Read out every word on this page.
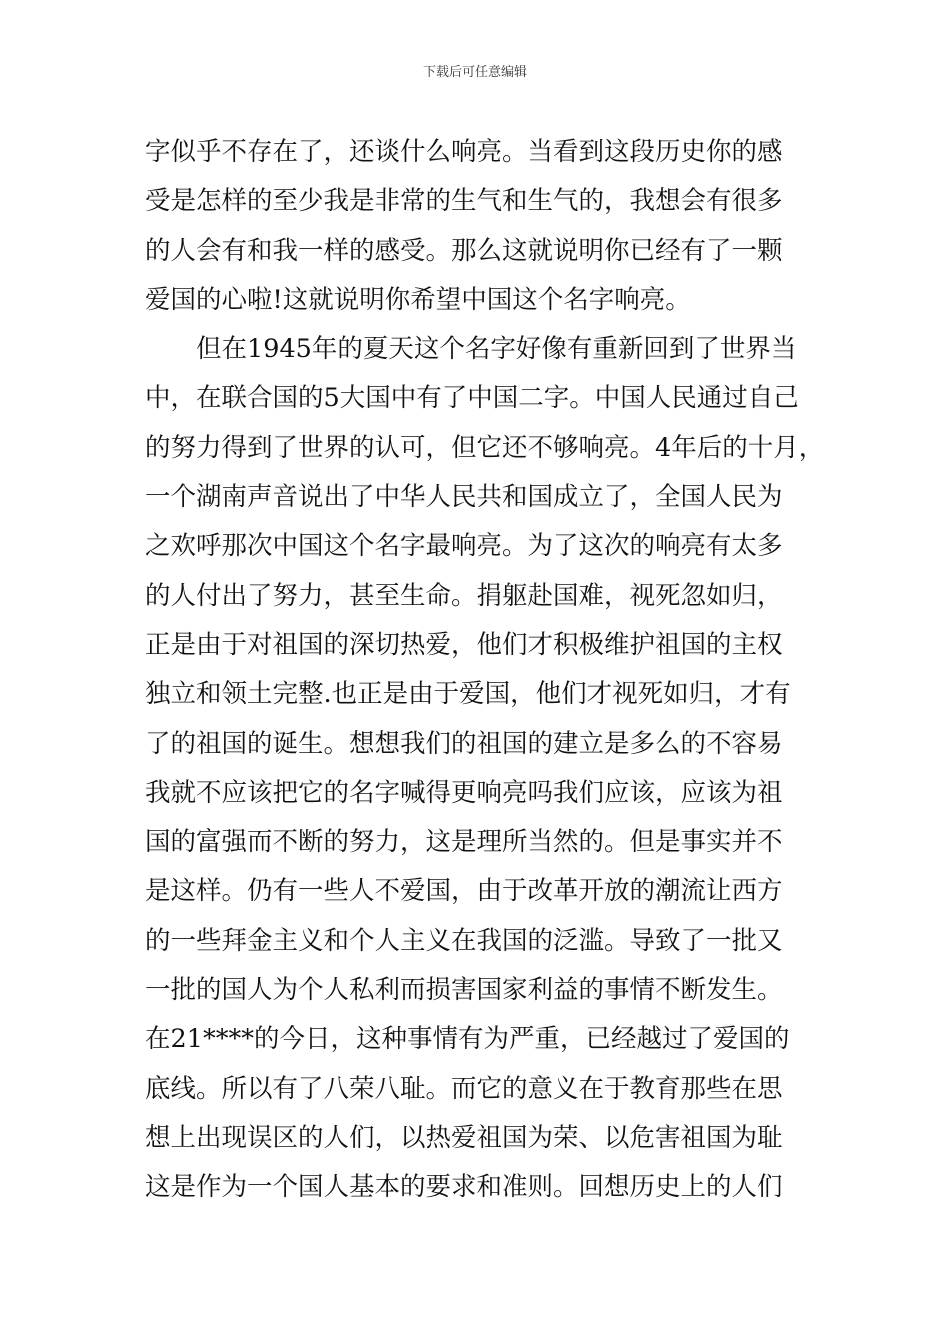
下载后可任意编辑
字似乎不存在了，还谈什么响亮。当看到这段历史你的感
受是怎样的至少我是非常的生气和生气的，我想会有很多
的人会有和我一样的感受。那么这就说明你已经有了一颗
爱国的心啦!这就说明你希望中国这个名字响亮。
但在1945年的夏天这个名字好像有重新回到了世界当
中，在联合国的5大国中有了中国二字。中国人民通过自己
的努力得到了世界的认可，但它还不够响亮。4年后的十月，
一个湖南声音说出了中华人民共和国成立了，全国人民为
之欢呼那次中国这个名字最响亮。为了这次的响亮有太多
的人付出了努力，甚至生命。捐躯赴国难，视死忽如归，
正是由于对祖国的深切热爱，他们才积极维护祖国的主权
独立和领土完整.也正是由于爱国，他们才视死如归，才有
了的祖国的诞生。想想我们的祖国的建立是多么的不容易
我就不应该把它的名字喊得更响亮吗我们应该，应该为祖
国的富强而不断的努力，这是理所当然的。但是事实并不
是这样。仍有一些人不爱国，由于改革开放的潮流让西方
的一些拜金主义和个人主义在我国的泛滥。导致了一批又
一批的国人为个人私利而损害国家利益的事情不断发生。
在21****的今日，这种事情有为严重，已经越过了爱国的
底线。所以有了八荣八耻。而它的意义在于教育那些在思
想上出现误区的人们，以热爱祖国为荣、以危害祖国为耻
这是作为一个国人基本的要求和准则。回想历史上的人们
